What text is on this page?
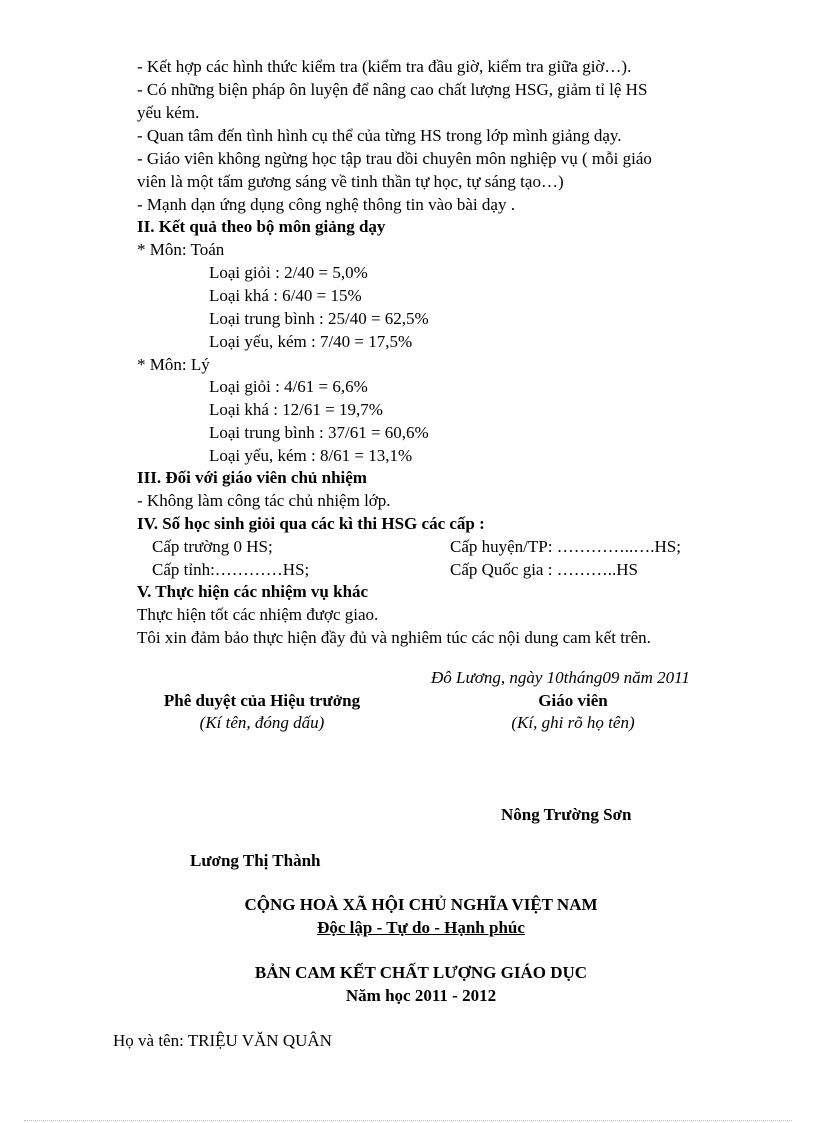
- Kết hợp các hình thức kiểm tra (kiểm tra đầu giờ, kiểm tra giữa giờ…).
- Có những biện pháp ôn luyện để nâng cao chất lượng HSG, giảm tỉ lệ HS
yếu kém.
- Quan tâm đến tình hình cụ thể của từng HS trong lớp mình giảng dạy.
- Giáo viên không ngừng học tập trau dồi chuyên môn nghiệp vụ ( mỗi giáo
viên là một tấm gương sáng về tinh thần tự học, tự sáng tạo…)
- Mạnh dạn ứng dụng công nghệ thông tin vào bài dạy .
II. Kết quả theo bộ môn giảng dạy
* Môn: Toán
Loại giỏi : 2/40 = 5,0%
Loại khá : 6/40 = 15%
Loại trung bình : 25/40 = 62,5%
Loại yếu, kém : 7/40 = 17,5%
* Môn: Lý
Loại giỏi : 4/61 = 6,6%
Loại khá : 12/61 = 19,7%
Loại trung bình : 37/61 = 60,6%
Loại yếu, kém : 8/61 = 13,1%
III. Đối với giáo viên chủ nhiệm
- Không làm công tác chủ nhiệm lớp.
IV. Số học sinh giỏi qua các kì thi HSG các cấp :
Cấp trường 0 HS;	Cấp huyện/TP: …………..….HS;
Cấp tỉnh:…………HS;	Cấp Quốc gia : ………..HS
V. Thực hiện các nhiệm vụ khác
Thực hiện tốt các nhiệm được giao.
Tôi xin đảm bảo thực hiện đầy đủ và nghiêm túc các nội dung cam kết trên.
Đô Lương, ngày 10tháng09 năm 2011
Phê duyệt của Hiệu trưởng
(Kí tên, đóng dấu)
Giáo viên
(Kí, ghi rõ họ tên)
Nông Trường Sơn
Lương Thị Thành
CỘNG HOÀ XÃ HỘI CHỦ NGHĨA VIỆT NAM
Độc lập - Tự do - Hạnh phúc
BẢN CAM KẾT CHẤT LƯỢNG GIÁO DỤC
Năm học 2011 - 2012
Họ và tên: TRIỆU VĂN QUÂN
